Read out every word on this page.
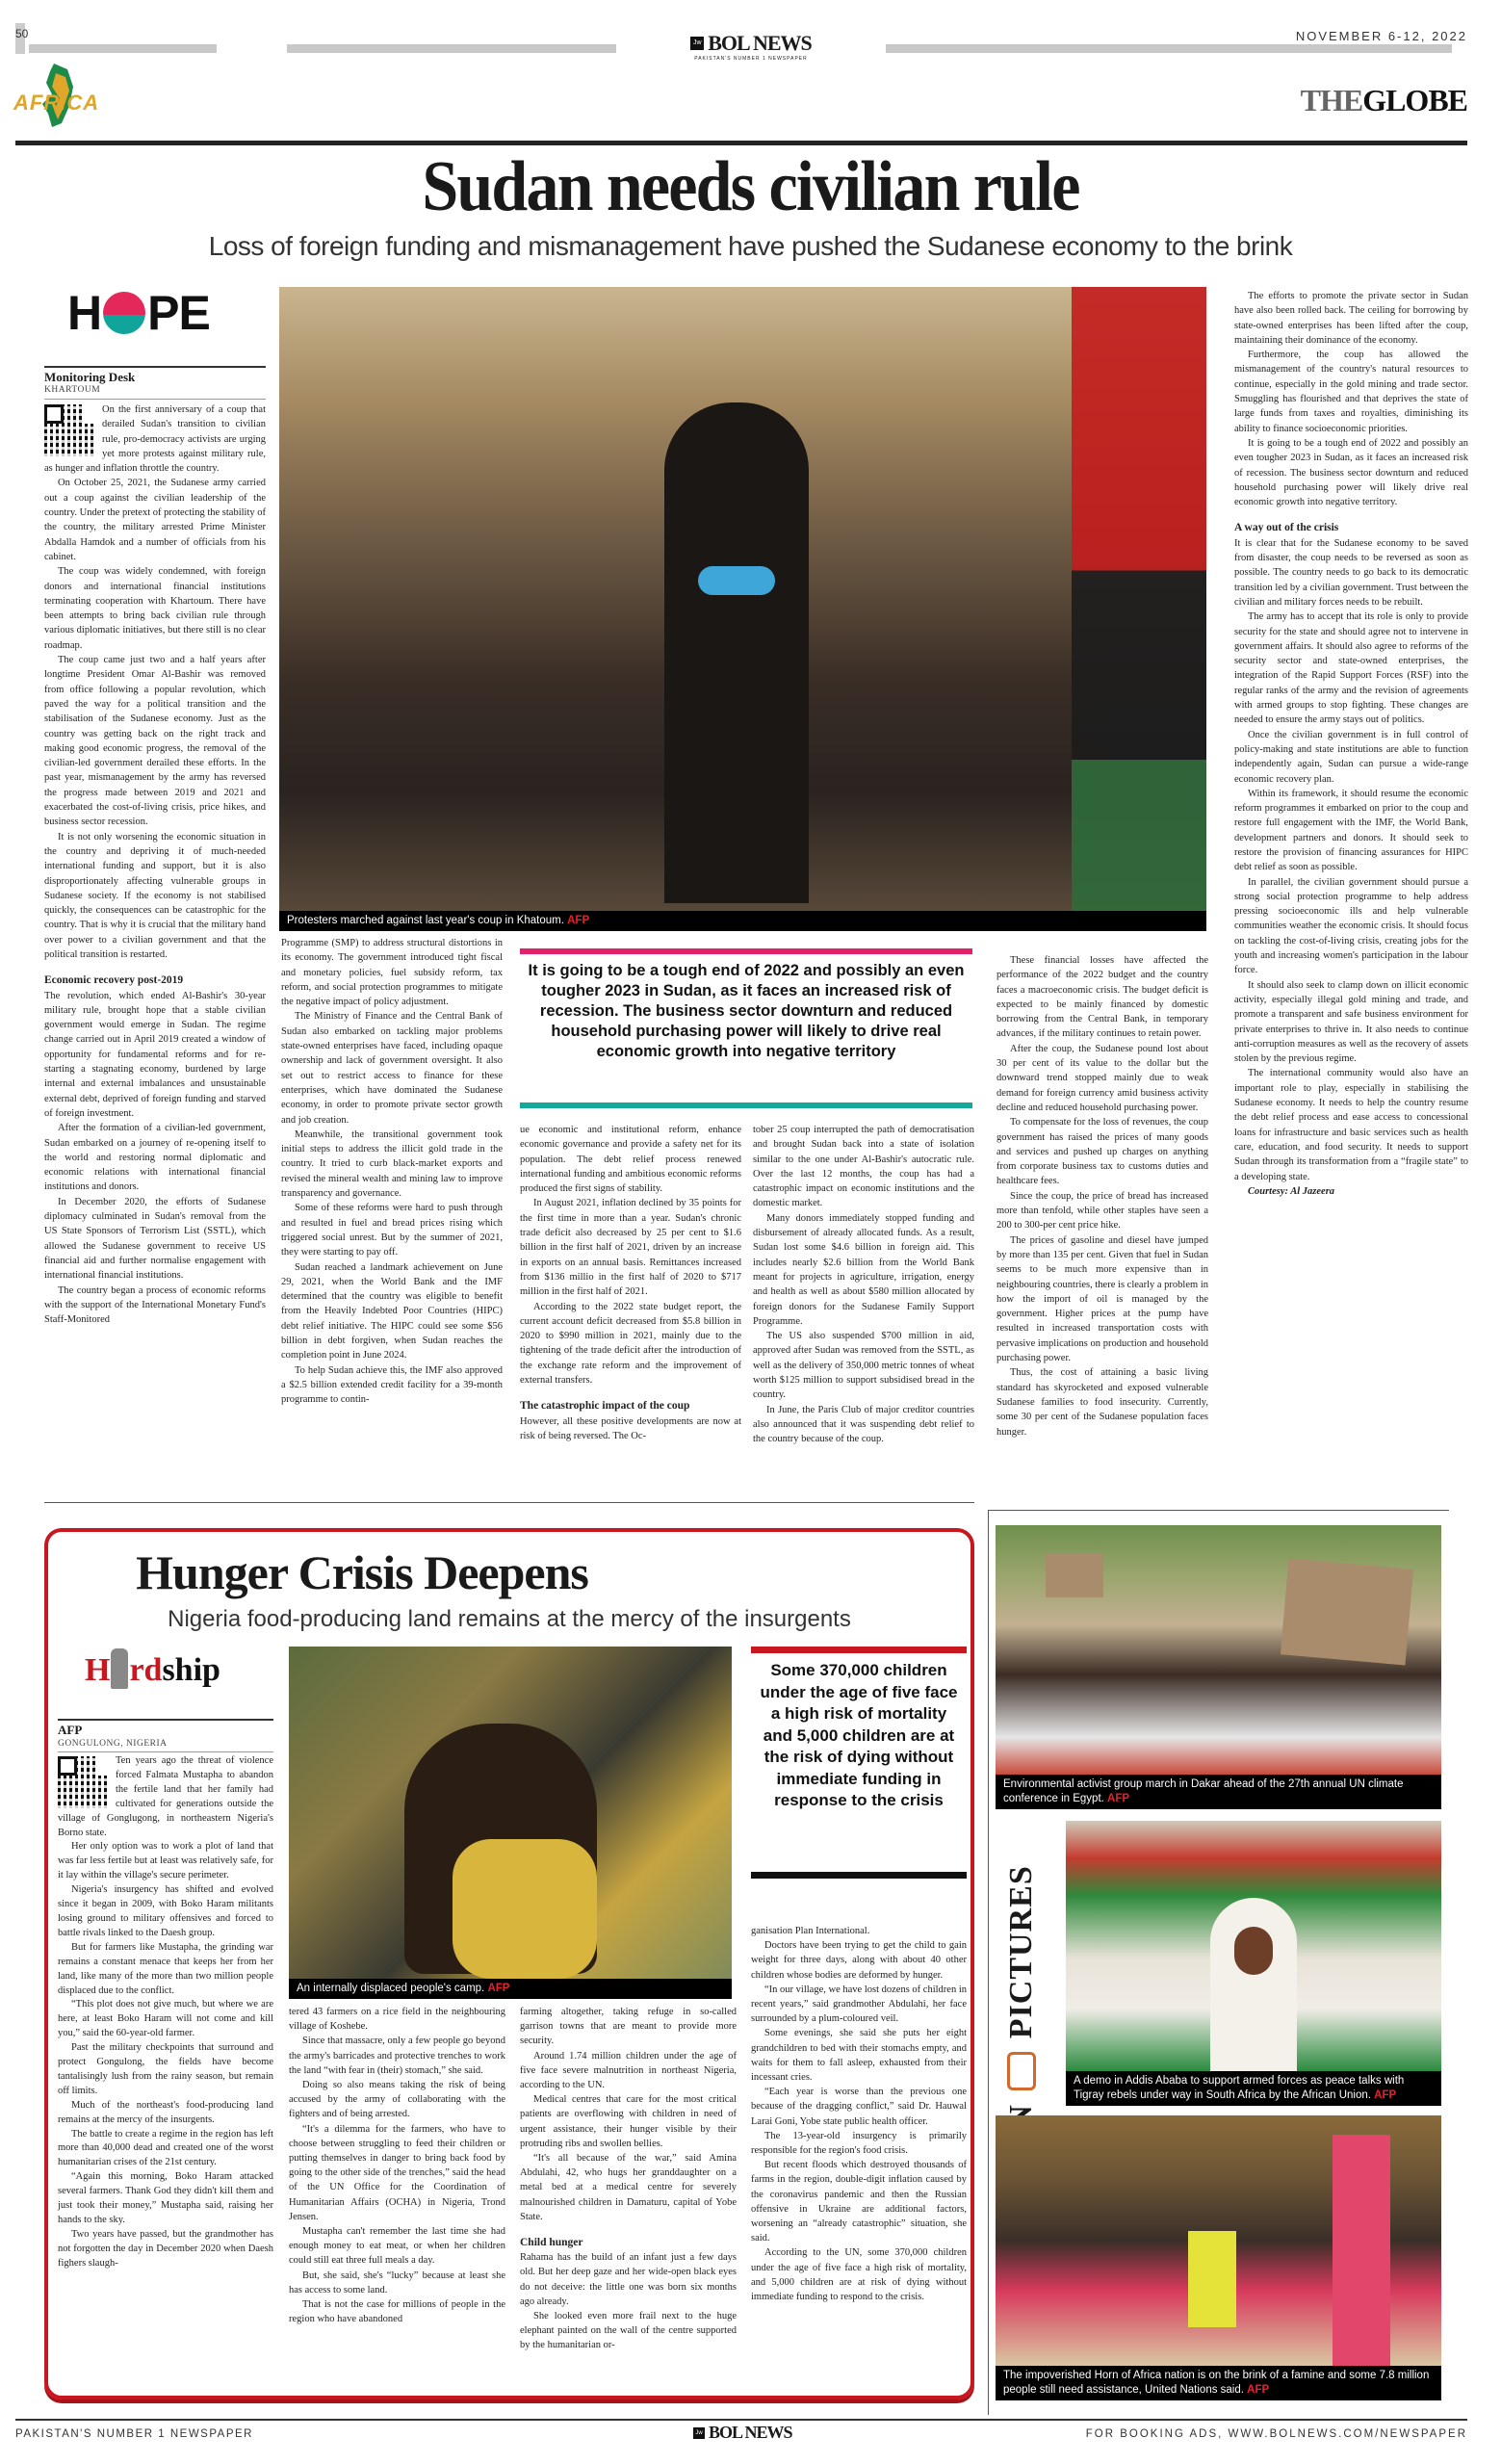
50
Jw BOL NEWS
PAKISTAN'S NUMBER 1 NEWSPAPER
NOVEMBER 6-12, 2022
AFRICA	THEGLOBE
Sudan needs civilian rule
Loss of foreign funding and mismanagement have pushed the Sudanese economy to the brink
H PE
Monitoring Desk
KHARTOUM

On the first anniversary of a coup that derailed Sudan's transition to civilian rule, pro-democracy activists are urging yet more protests against military rule, as hunger and inflation throttle the country.

On October 25, 2021, the Sudanese army carried out a coup against the civilian leadership of the country. Under the pretext of protecting the stability of the country, the military arrested Prime Minister Abdalla Hamdok and a number of officials from his cabinet.

The coup was widely condemned, with foreign donors and international financial institutions terminating cooperation with Khartoum. There have been attempts to bring back civilian rule through various diplomatic initiatives, but there still is no clear roadmap.

The coup came just two and a half years after longtime President Omar Al-Bashir was removed from office following a popular revolution, which paved the way for a political transition and the stabilisation of the Sudanese economy. Just as the country was getting back on the right track and making good economic progress, the removal of the civilian-led government derailed these efforts. In the past year, mismanagement by the army has reversed the progress made between 2019 and 2021 and exacerbated the cost-of-living crisis, price hikes, and business sector recession.

It is not only worsening the economic situation in the country and depriving it of much-needed international funding and support, but it is also disproportionately affecting vulnerable groups in Sudanese society. If the economy is not stabilised quickly, the consequences can be catastrophic for the country. That is why it is crucial that the military hand over power to a civilian government and that the political transition is restarted.

Economic recovery post-2019

The revolution, which ended Al-Bashir's 30-year military rule, brought hope that a stable civilian government would emerge in Sudan. The regime change carried out in April 2019 created a window of opportunity for fundamental reforms and for re-starting a stagnating economy, burdened by large internal and external imbalances and unsustainable external debt, deprived of foreign funding and starved of foreign investment.

After the formation of a civilian-led government, Sudan embarked on a journey of re-opening itself to the world and restoring normal diplomatic and economic relations with international financial institutions and donors.

In December 2020, the efforts of Sudanese diplomacy culminated in Sudan's removal from the US State Sponsors of Terrorism List (SSTL), which allowed the Sudanese government to receive US financial aid and further normalise engagement with international financial institutions.

The country began a process of economic reforms with the support of the International Monetary Fund's Staff-Monitored

Protesters marched against last year's coup in Khatoum. AFP

Programme (SMP) to address structural distortions in its economy. The government introduced tight fiscal and monetary policies, fuel subsidy reform, tax reform, and social protection programmes to mitigate the negative impact of policy adjustment.

The Ministry of Finance and the Central Bank of Sudan also embarked on tackling major problems state-owned enterprises have faced, including opaque ownership and lack of government oversight. It also set out to restrict access to finance for these enterprises, which have dominated the Sudanese economy, in order to promote private sector growth and job creation.

Meanwhile, the transitional government took initial steps to address the illicit gold trade in the country. It tried to curb black-market exports and revised the mineral wealth and mining law to improve transparency and governance.

Some of these reforms were hard to push through and resulted in fuel and bread prices rising which triggered social unrest. But by the summer of 2021, they were starting to pay off.

Sudan reached a landmark achievement on June 29, 2021, when the World Bank and the IMF determined that the country was eligible to benefit from the Heavily Indebted Poor Countries (HIPC) debt relief initiative. The HIPC could see some $56 billion in debt forgiven, when Sudan reaches the completion point in June 2024.

To help Sudan achieve this, the IMF also approved a $2.5 billion extended credit facility for a 39-month programme to contin-

It is going to be a tough end of 2022 and possibly an even tougher 2023 in Sudan, as it faces an increased risk of recession. The business sector downturn and reduced household purchasing power will likely to drive real economic growth into negative territory

ue economic and institutional reform, enhance economic governance and provide a safety net for its population. The debt relief process renewed international funding and ambitious economic reforms produced the first signs of stability.

In August 2021, inflation declined by 35 points for the first time in more than a year. Sudan's chronic trade deficit also decreased by 25 per cent to $1.6 billion in the first half of 2021, driven by an increase in exports on an annual basis. Remittances increased from $136 millio in the first half of 2020 to $717 million in the first half of 2021.

According to the 2022 state budget report, the current account deficit decreased from $5.8 billion in 2020 to $990 million in 2021, mainly due to the tightening of the trade deficit after the introduction of the exchange rate reform and the improvement of external transfers.

The catastrophic impact of the coup

However, all these positive developments are now at risk of being reversed. The Oc-

tober 25 coup interrupted the path of democratisation and brought Sudan back into a state of isolation similar to the one under Al-Bashir's autocratic rule. Over the last 12 months, the coup has had a catastrophic impact on economic institutions and the domestic market.

Many donors immediately stopped funding and disbursement of already allocated funds. As a result, Sudan lost some $4.6 billion in foreign aid. This includes nearly $2.6 billion from the World Bank meant for projects in agriculture, irrigation, energy and health as well as about $580 million allocated by foreign donors for the Sudanese Family Support Programme.

The US also suspended $700 million in aid, approved after Sudan was removed from the SSTL, as well as the delivery of 350,000 metric tonnes of wheat worth $125 million to support subsidised bread in the country.

In June, the Paris Club of major creditor countries also announced that it was suspending debt relief to the country because of the coup.

These financial losses have affected the performance of the 2022 budget and the country faces a macroeconomic crisis. The budget deficit is expected to be mainly financed by domestic borrowing from the Central Bank, in temporary advances, if the military continues to retain power.

After the coup, the Sudanese pound lost about 30 per cent of its value to the dollar but the downward trend stopped mainly due to weak demand for foreign currency amid business activity decline and reduced household purchasing power.

To compensate for the loss of revenues, the coup government has raised the prices of many goods and services and pushed up charges on anything from corporate business tax to customs duties and healthcare fees.

Since the coup, the price of bread has increased more than tenfold, while other staples have seen a 200 to 300-per cent price hike.

The prices of gasoline and diesel have jumped by more than 135 per cent. Given that fuel in Sudan seems to be much more expensive than in neighbouring countries, there is clearly a problem in how the import of oil is managed by the government. Higher prices at the pump have resulted in increased transportation costs with pervasive implications on production and household purchasing power.

Thus, the cost of attaining a basic living standard has skyrocketed and exposed vulnerable Sudanese families to food insecurity. Currently, some 30 per cent of the Sudanese population faces hunger.

The efforts to promote the private sector in Sudan have also been rolled back. The ceiling for borrowing by state-owned enterprises has been lifted after the coup, maintaining their dominance of the economy.

Furthermore, the coup has allowed the mismanagement of the country's natural resources to continue, especially in the gold mining and trade sector. Smuggling has flourished and that deprives the state of large funds from taxes and royalties, diminishing its ability to finance socioeconomic priorities.

It is going to be a tough end of 2022 and possibly an even tougher 2023 in Sudan, as it faces an increased risk of recession. The business sector downturn and reduced household purchasing power will likely drive real economic growth into negative territory.

A way out of the crisis

It is clear that for the Sudanese economy to be saved from disaster, the coup needs to be reversed as soon as possible. The country needs to go back to its democratic transition led by a civilian government. Trust between the civilian and military forces needs to be rebuilt.

The army has to accept that its role is only to provide security for the state and should agree not to intervene in government affairs. It should also agree to reforms of the security sector and state-owned enterprises, the integration of the Rapid Support Forces (RSF) into the regular ranks of the army and the revision of agreements with armed groups to stop fighting. These changes are needed to ensure the army stays out of politics.

Once the civilian government is in full control of policy-making and state institutions are able to function independently again, Sudan can pursue a wide-range economic recovery plan.

Within its framework, it should resume the economic reform programmes it embarked on prior to the coup and restore full engagement with the IMF, the World Bank, development partners and donors. It should seek to restore the provision of financing assurances for HIPC debt relief as soon as possible.

In parallel, the civilian government should pursue a strong social protection programme to help address pressing socioeconomic ills and help vulnerable communities weather the economic crisis. It should focus on tackling the cost-of-living crisis, creating jobs for the youth and increasing women's participation in the labour force.

It should also seek to clamp down on illicit economic activity, especially illegal gold mining and trade, and promote a transparent and safe business environment for private enterprises to thrive in. It also needs to continue anti-corruption measures as well as the recovery of assets stolen by the previous regime.

The international community would also have an important role to play, especially in stabilising the Sudanese economy. It needs to help the country resume the debt relief process and ease access to concessional loans for infrastructure and basic services such as health care, education, and food security. It needs to support Sudan through its transformation from a “fragile state” to a developing state.

Courtesy: Al Jazeera

Hunger Crisis Deepens
Nigeria food-producing land remains at the mercy of the insurgents
H rdship
AFP
GONGULONG, NIGERIA

Ten years ago the threat of violence forced Falmata Mustapha to abandon the fertile land that her family had cultivated for generations outside the village of Gonglugong, in northeastern Nigeria's Borno state.

Her only option was to work a plot of land that was far less fertile but at least was relatively safe, for it lay within the village's secure perimeter.

Nigeria's insurgency has shifted and evolved since it began in 2009, with Boko Haram militants losing ground to military offensives and forced to battle rivals linked to the Daesh group.

But for farmers like Mustapha, the grinding war remains a constant menace that keeps her from her land, like many of the more than two million people displaced due to the conflict.

“This plot does not give much, but where we are here, at least Boko Haram will not come and kill you,” said the 60-year-old farmer.

Past the military checkpoints that surround and protect Gongulong, the fields have become tantalisingly lush from the rainy season, but remain off limits.

Much of the northeast's food-producing land remains at the mercy of the insurgents.

The battle to create a regime in the region has left more than 40,000 dead and created one of the worst humanitarian crises of the 21st century.

“Again this morning, Boko Haram attacked several farmers. Thank God they didn't kill them and just took their money,” Mustapha said, raising her hands to the sky.

Two years have passed, but the grandmother has not forgotten the day in December 2020 when Daesh fighers slaugh-

An internally displaced people's camp. AFP
Some 370,000 children under the age of five face a high risk of mortality and 5,000 children are at the risk of dying without immediate funding in response to the crisis

tered 43 farmers on a rice field in the neighbouring village of Koshebe.

Since that massacre, only a few people go beyond the army's barricades and protective trenches to work the land “with fear in (their) stomach,” she said.

Doing so also means taking the risk of being accused by the army of collaborating with the fighters and of being arrested.

“It's a dilemma for the farmers, who have to choose between struggling to feed their children or putting themselves in danger to bring back food by going to the other side of the trenches,” said the head of the UN Office for the Coordination of Humanitarian Affairs (OCHA) in Nigeria, Trond Jensen.

Mustapha can't remember the last time she had enough money to eat meat, or when her children could still eat three full meals a day.

But, she said, she's “lucky” because at least she has access to some land.

That is not the case for millions of people in the region who have abandoned

farming altogether, taking refuge in so-called garrison towns that are meant to provide more security.

Around 1.74 million children under the age of five face severe malnutrition in northeast Nigeria, according to the UN.

Medical centres that care for the most critical patients are overflowing with children in need of urgent assistance, their hunger visible by their protruding ribs and swollen bellies.

“It's all because of the war,” said Amina Abdulahi, 42, who hugs her granddaughter on a metal bed at a medical centre for severely malnourished children in Damaturu, capital of Yobe State.

Child hunger

Rahama has the build of an infant just a few days old. But her deep gaze and her wide-open black eyes do not deceive: the little one was born six months ago already.

She looked even more frail next to the huge elephant painted on the wall of the centre supported by the humanitarian or-

ganisation Plan International.

Doctors have been trying to get the child to gain weight for three days, along with about 40 other children whose bodies are deformed by hunger.

“In our village, we have lost dozens of children in recent years,” said grandmother Abdulahi, her face surrounded by a plum-coloured veil.

Some evenings, she said she puts her eight grandchildren to bed with their stomachs empty, and waits for them to fall asleep, exhausted from their incessant cries.

“Each year is worse than the previous one because of the dragging conflict,” said Dr. Hauwal Larai Goni, Yobe state public health officer.

The 13-year-old insurgency is primarily responsible for the region's food crisis.

But recent floods which destroyed thousands of farms in the region, double-digit inflation caused by the coronavirus pandemic and then the Russian offensive in Ukraine are additional factors, worsening an “already catastrophic” situation, she said.

According to the UN, some 370,000 children under the age of five face a high risk of mortality, and 5,000 children are at risk of dying without immediate funding to respond to the crisis.

Environmental activist group march in Dakar ahead of the 27th annual UN climate conference in Egypt. AFP
PICTURES
A demo in Addis Ababa to support armed forces as peace talks with Tigray rebels under way in South Africa by the African Union. AFP
The impoverished Horn of Africa nation is on the brink of a famine and some 7.8 million people still need assistance, United Nations said. AFP
PAKISTAN'S NUMBER 1 NEWSPAPER	Jw BOL NEWS	FOR BOOKING ADS, WWW.BOLNEWS.COM/NEWSPAPER
